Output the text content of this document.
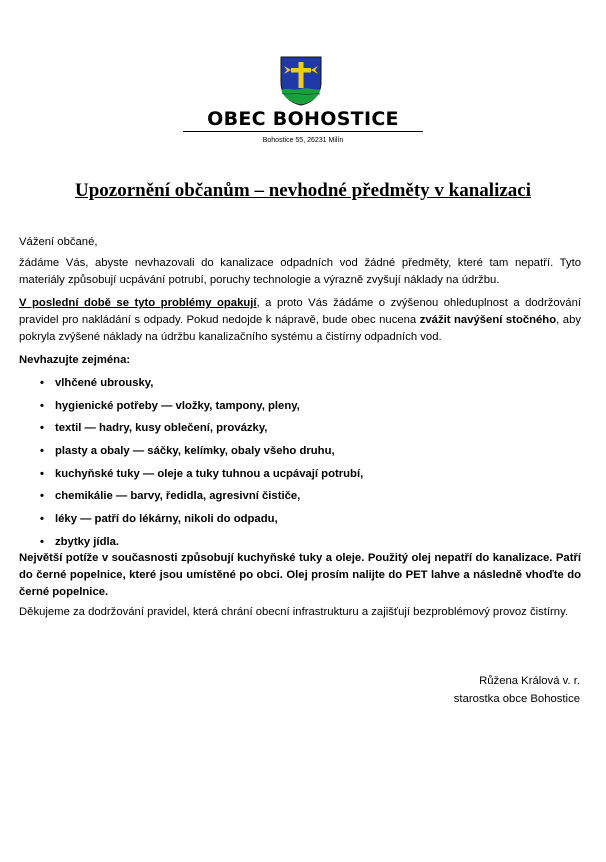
OBEC BOHOSTICE
Bohostice 55, 26231 Milín
Upozornění občanům – nevhodné předměty v kanalizaci
Vážení občané,
žádáme Vás, abyste nevhazovali do kanalizace odpadních vod žádné předměty, které tam nepatří. Tyto materiály způsobují ucpávání potrubí, poruchy technologie a výrazně zvyšují náklady na údržbu.
V poslední době se tyto problémy opakují, a proto Vás žádáme o zvýšenou ohleduplnost a dodržování pravidel pro nakládání s odpady. Pokud nedojde k nápravě, bude obec nucena zvážit navýšení stočného, aby pokryla zvýšené náklady na údržbu kanalizačního systému a čistírny odpadních vod.
Nevhazujte zejména:
• vlhčené ubrousky,
• hygienické potřeby — vložky, tampony, pleny,
• textil — hadry, kusy oblečení, provázky,
• plasty a obaly — sáčky, kelímky, obaly všeho druhu,
• kuchyňské tuky — oleje a tuky tuhnou a ucpávají potrubí,
• chemikálie — barvy, ředidla, agresivní čističe,
• léky — patří do lékárny, nikoli do odpadu,
• zbytky jídla.
Největší potíže v současnosti způsobují kuchyňské tuky a oleje. Použitý olej nepatří do kanalizace. Patří do černé popelnice, které jsou umístěné po obci. Olej prosím nalijte do PET lahve a následně vhoďte do černé popelnice.
Děkujeme za dodržování pravidel, která chrání obecní infrastrukturu a zajišťují bezproblémový provoz čistírny.
Růžena Králová v. r.
starostka obce Bohostice
